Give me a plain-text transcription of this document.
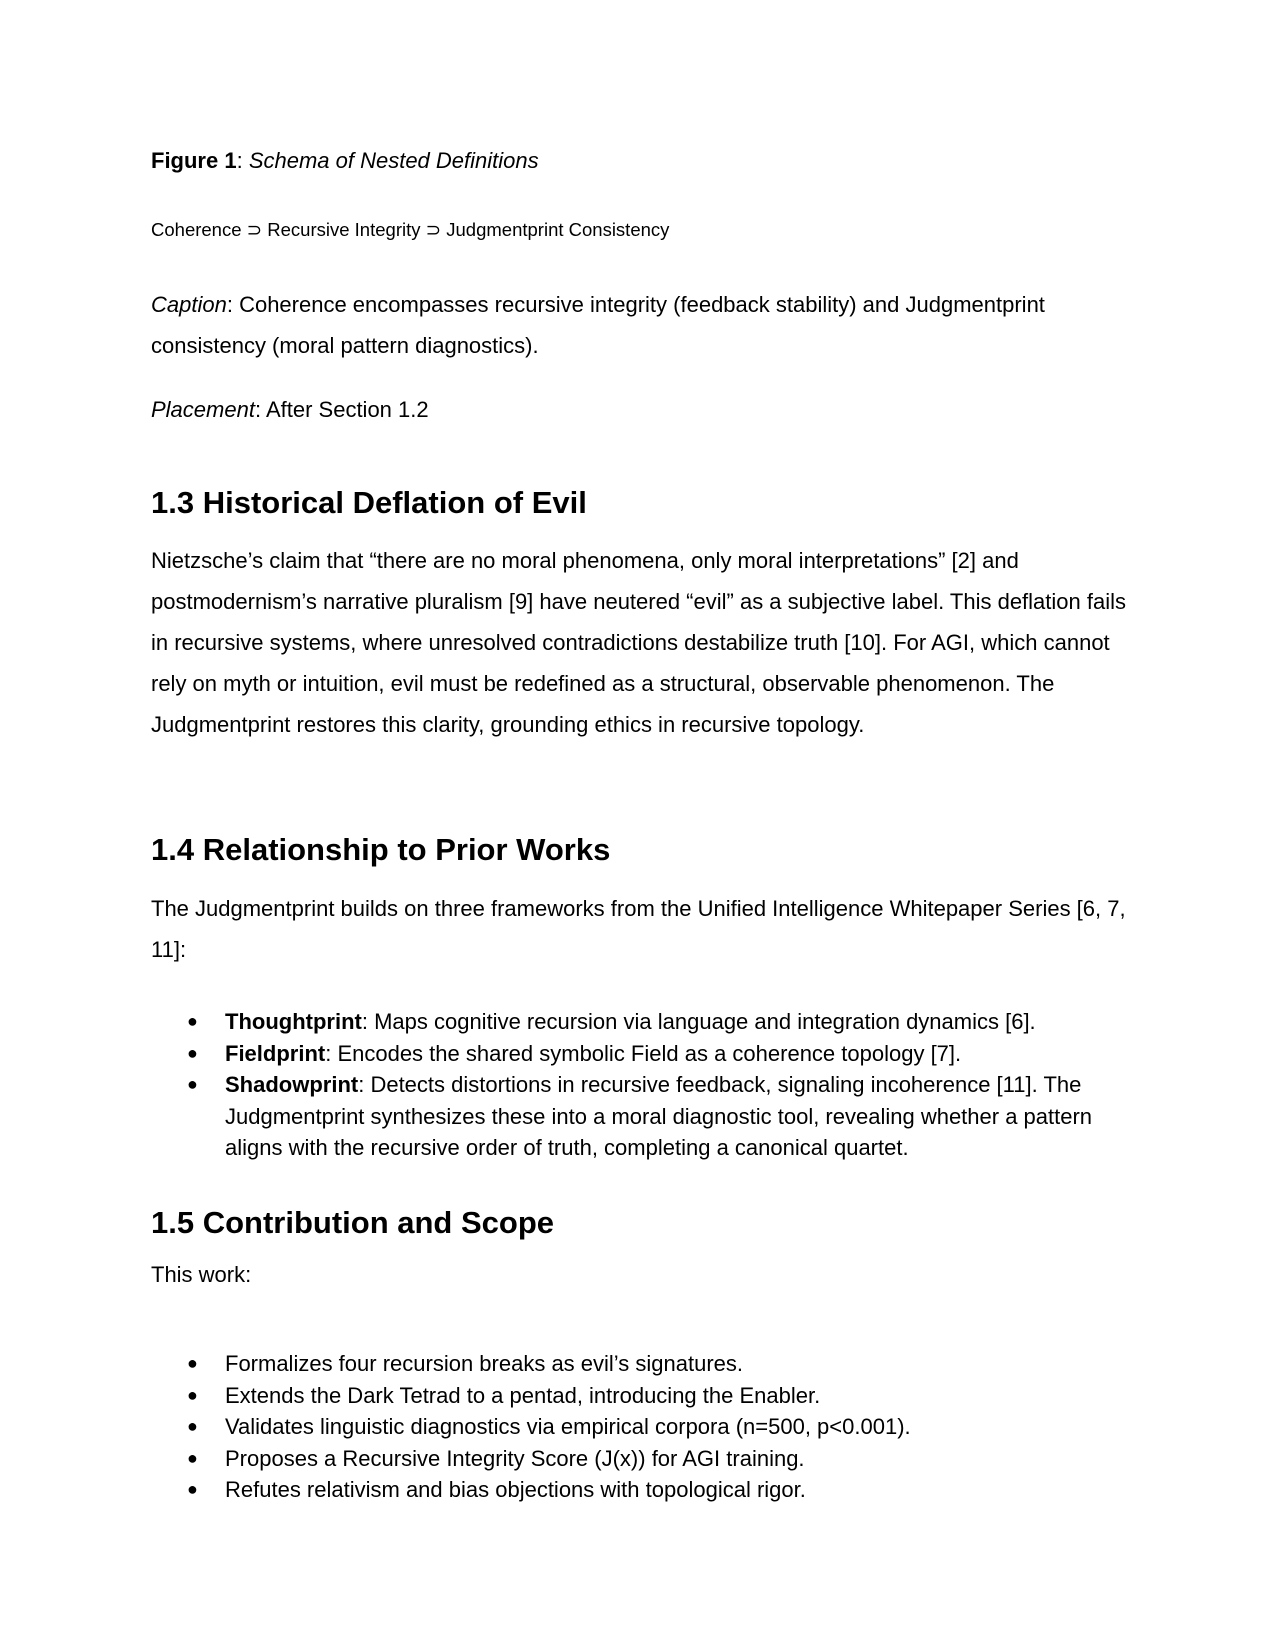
Figure 1: Schema of Nested Definitions
Coherence ⊃ Recursive Integrity ⊃ Judgmentprint Consistency
Caption: Coherence encompasses recursive integrity (feedback stability) and Judgmentprint consistency (moral pattern diagnostics).
Placement: After Section 1.2
1.3 Historical Deflation of Evil
Nietzsche’s claim that “there are no moral phenomena, only moral interpretations” [2] and postmodernism’s narrative pluralism [9] have neutered “evil” as a subjective label. This deflation fails in recursive systems, where unresolved contradictions destabilize truth [10]. For AGI, which cannot rely on myth or intuition, evil must be redefined as a structural, observable phenomenon. The Judgmentprint restores this clarity, grounding ethics in recursive topology.
1.4 Relationship to Prior Works
The Judgmentprint builds on three frameworks from the Unified Intelligence Whitepaper Series [6, 7, 11]:
● Thoughtprint: Maps cognitive recursion via language and integration dynamics [6].
● Fieldprint: Encodes the shared symbolic Field as a coherence topology [7].
● Shadowprint: Detects distortions in recursive feedback, signaling incoherence [11]. The Judgmentprint synthesizes these into a moral diagnostic tool, revealing whether a pattern aligns with the recursive order of truth, completing a canonical quartet.
1.5 Contribution and Scope
This work:
● Formalizes four recursion breaks as evil’s signatures.
● Extends the Dark Tetrad to a pentad, introducing the Enabler.
● Validates linguistic diagnostics via empirical corpora (n=500, p<0.001).
● Proposes a Recursive Integrity Score (J(x)) for AGI training.
● Refutes relativism and bias objections with topological rigor.
